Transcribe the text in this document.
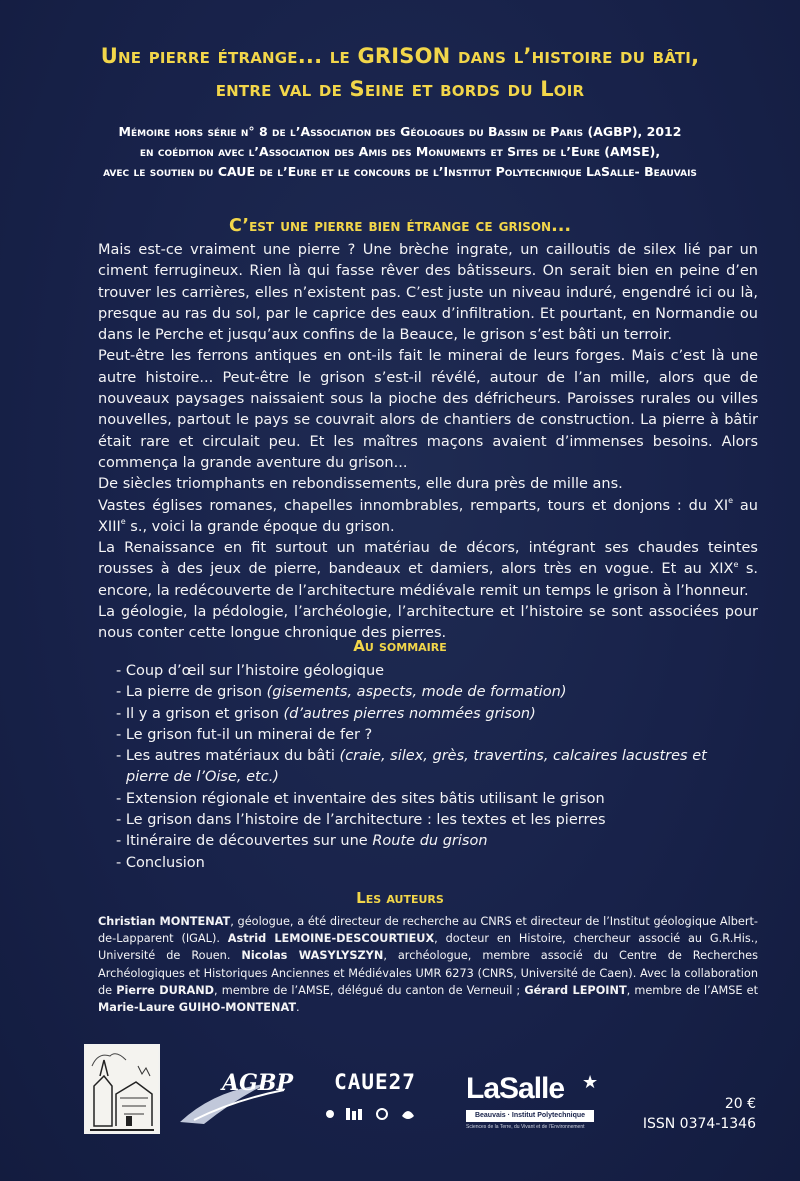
Une pierre étrange... le GRISON dans l’histoire du bâti,
entre val de Seine et bords du Loir
Mémoire hors série n° 8 de l’Association des Géologues du Bassin de Paris (AGBP), 2012
en coédition avec l’Association des Amis des Monuments et Sites de l’Eure (AMSE),
avec le soutien du CAUE de l’Eure et le concours de l’Institut Polytechnique LaSalle- Beauvais
C’est une pierre bien étrange ce grison...

Mais est-ce vraiment une pierre ? Une brèche ingrate, un cailloutis de silex lié par un ciment ferrugineux. Rien là qui fasse rêver des bâtisseurs. On serait bien en peine d’en trouver les carrières, elles n’existent pas. C’est juste un niveau induré, engendré ici ou là, presque au ras du sol, par le caprice des eaux d’infiltration. Et pourtant, en Normandie ou dans le Perche et jusqu’aux confins de la Beauce, le grison s’est bâti un terroir.

Peut-être les ferrons antiques en ont-ils fait le minerai de leurs forges. Mais c’est là une autre histoire... Peut-être le grison s’est-il révélé, autour de l’an mille, alors que de nouveaux paysages naissaient sous la pioche des défricheurs. Paroisses rurales ou villes nouvelles, partout le pays se couvrait alors de chantiers de construction. La pierre à bâtir était rare et circulait peu. Et les maîtres maçons avaient d’immenses besoins. Alors commença la grande aventure du grison...

De siècles triomphants en rebondissements, elle dura près de mille ans.

Vastes églises romanes, chapelles innombrables, remparts, tours et donjons : du XIe au XIIIe s., voici la grande époque du grison.

La Renaissance en fit surtout un matériau de décors, intégrant ses chaudes teintes rousses à des jeux de pierre, bandeaux et damiers, alors très en vogue. Et au XIXe s. encore, la redécouverte de l’architecture médiévale remit un temps le grison à l’honneur.

La géologie, la pédologie, l’archéologie, l’architecture et l’histoire se sont associées pour nous conter cette longue chronique des pierres.

Au sommaire
- Coup d’œil sur l’histoire géologique
- La pierre de grison (gisements, aspects, mode de formation)
- Il y a grison et grison (d’autres pierres nommées grison)
- Le grison fut-il un minerai de fer ?
- Les autres matériaux du bâti (craie, silex, grès, travertins, calcaires lacustres et pierre de l’Oise, etc.)
- Extension régionale et inventaire des sites bâtis utilisant le grison
- Le grison dans l’histoire de l’architecture : les textes et les pierres
- Itinéraire de découvertes sur une Route du grison
- Conclusion
Les auteurs

Christian MONTENAT, géologue, a été directeur de recherche au CNRS et directeur de l’Institut géologique Albert-de-Lapparent (IGAL). Astrid LEMOINE-DESCOURTIEUX, docteur en Histoire, chercheur associé au G.R.His., Université de Rouen. Nicolas WASYLYSZYN, archéologue, membre associé du Centre de Recherches Archéologiques et Historiques Anciennes et Médiévales UMR 6273 (CNRS, Université de Caen). Avec la collaboration de Pierre DURAND, membre de l’AMSE, délégué du canton de Verneuil ; Gérard LEPOINT, membre de l’AMSE et Marie-Laure GUIHO-MONTENAT.

AGBP	CAUE27	LaSalle ★
Beauvais · Institut Polytechnique
Sciences de la Terre, du Vivant et de l’Environnement
20 €
ISSN 0374-1346
